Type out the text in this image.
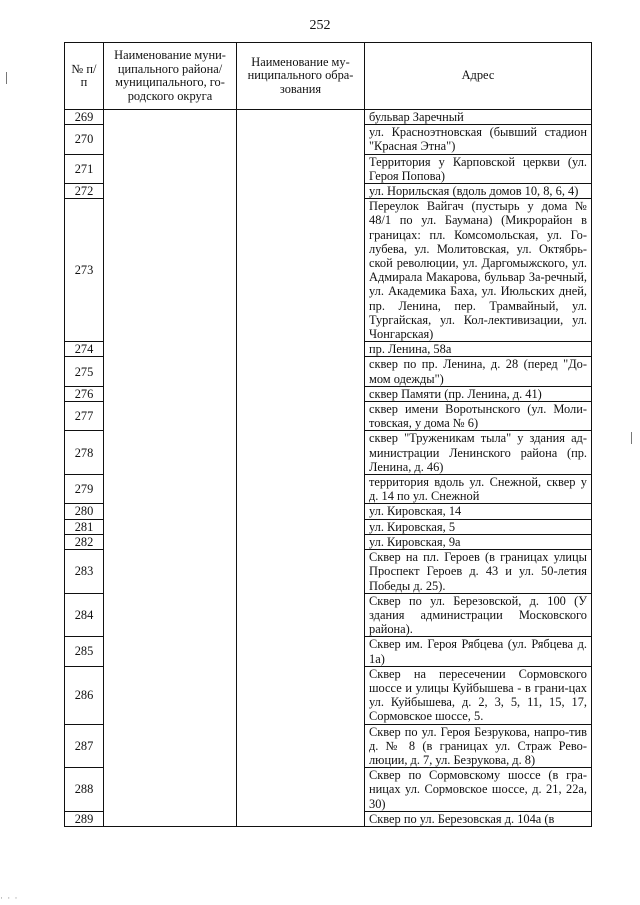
252
№ п/п	Наименование муни-ципального района/ муниципального, го-родского округа	Наименование му-ниципального обра-зования	Адрес
269			бульвар Заречный
270			ул. Красноэтновская (бывший стадион "Красная Этна")
271			Территория у Карповской церкви (ул. Героя Попова)
272			ул. Норильская (вдоль домов 10, 8, 6, 4)
273			Переулок Вайгач (пустырь у дома № 48/1 по ул. Баумана) (Микрорайон в границах: пл. Комсомольская, ул. Го-лубева, ул. Молитовская, ул. Октябрь-ской революции, ул. Даргомыжского, ул. Адмирала Макарова, бульвар За-речный, ул. Академика Баха, ул. Июльских дней, пр. Ленина, пер. Трамвайный, ул. Тургайская, ул. Кол-лективизации, ул. Чонгарская)
274			пр. Ленина, 58а
275			сквер по пр. Ленина, д. 28 (перед "До-мом одежды")
276			сквер Памяти (пр. Ленина, д. 41)
277			сквер имени Воротынского (ул. Моли-товская, у дома № 6)
278			сквер "Труженикам тыла" у здания ад-министрации Ленинского района (пр. Ленина, д. 46)
279			территория вдоль ул. Снежной, сквер у д. 14 по ул. Снежной
280			ул. Кировская, 14
281			ул. Кировская, 5
282			ул. Кировская, 9а
283			Сквер на пл. Героев (в границах улицы Проспект Героев д. 43 и ул. 50-летия Победы д. 25).
284			Сквер по ул. Березовской, д. 100 (У здания администрации Московского района).
285			Сквер им. Героя Рябцева (ул. Рябцева д. 1а)
286			Сквер на пересечении Сормовского шоссе и улицы Куйбышева - в грани-цах ул. Куйбышева, д. 2, 3, 5, 11, 15, 17, Сормовское шоссе, 5.
287			Сквер по ул. Героя Безрукова, напро-тив д. № 8 (в границах ул. Страж Рево-люции, д. 7, ул. Безрукова, д. 8)
288			Сквер по Сормовскому шоссе (в гра-ницах ул. Сормовское шоссе, д. 21, 22а, 30)
289			Сквер по ул. Березовская д. 104а (в
· · ·
